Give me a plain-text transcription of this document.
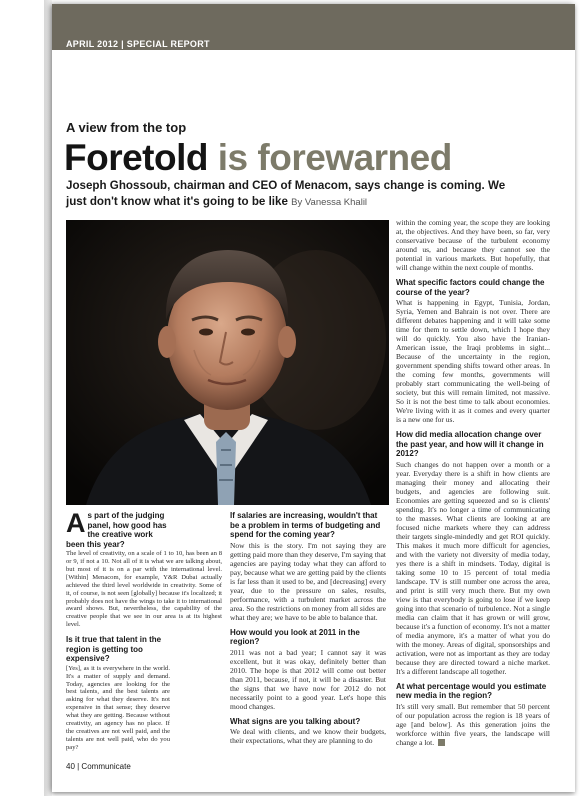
APRIL 2012 | SPECIAL REPORT
A view from the top
Foretold is forewarned
Joseph Ghossoub, chairman and CEO of Menacom, says change is coming. We just don't know what it's going to be like By Vanessa Khalil
As part of the judging panel, how good has the creative work been this year?

The level of creativity, on a scale of 1 to 10, has been an 8 or 9, if not a 10. Not all of it is what we are talking about, but most of it is on a par with the international level. [Within] Menacom, for example, Y&R Dubai actually achieved the third level worldwide in creativity. Some of it, of course, is not seen [globally] because it's localized; it probably does not have the wings to take it to international award shows. But, nevertheless, the capability of the creative people that we see in our area is at its highest level.

Is it true that talent in the region is getting too expensive?

[Yes], as it is everywhere in the world. It's a matter of supply and demand. Today, agencies are looking for the best talents, and the best talents are asking for what they deserve. It's not expensive in that sense; they deserve what they are getting. Because without creativity, an agency has no place. If the creatives are not well paid, and the talents are not well paid, who do you pay?

If salaries are increasing, wouldn't that be a problem in terms of budgeting and spend for the coming year?

Now this is the story. I'm not saying they are getting paid more than they deserve, I'm saying that agencies are paying today what they can afford to pay, because what we are getting paid by the clients is far less than it used to be, and [decreasing] every year, due to the pressure on sales, results, performance, with a turbulent market across the area. So the restrictions on money from all sides are what they are; we have to be able to balance that.

How would you look at 2011 in the region?

2011 was not a bad year; I cannot say it was excellent, but it was okay, definitely better than 2010. The hope is that 2012 will come out better than 2011, because, if not, it will be a disaster. But the signs that we have now for 2012 do not necessarily point to a good year. Let's hope this mood changes.

What signs are you talking about?

We deal with clients, and we know their budgets, their expectations, what they are planning to do

within the coming year, the scope they are looking at, the objectives. And they have been, so far, very conservative because of the turbulent economy around us, and because they cannot see the potential in various markets. But hopefully, that will change within the next couple of months.

What specific factors could change the course of the year?

What is happening in Egypt, Tunisia, Jordan, Syria, Yemen and Bahrain is not over. There are different debates happening and it will take some time for them to settle down, which I hope they will do quickly. You also have the Iranian-American issue, the Iraqi problems in sight... Because of the uncertainty in the region, government spending shifts toward other areas. In the coming few months, governments will probably start communicating the well-being of society, but this will remain limited, not massive. So it is not the best time to talk about economies. We're living with it as it comes and every quarter is a new one for us.

How did media allocation change over the past year, and how will it change in 2012?

Such changes do not happen over a month or a year. Everyday there is a shift in how clients are managing their money and allocating their budgets, and agencies are following suit. Economies are getting squeezed and so is clients' spending. It's no longer a time of communicating to the masses. What clients are looking at are focused niche markets where they can address their targets single-mindedly and get ROI quickly. This makes it much more difficult for agencies, and with the variety not diversity of media today, yes there is a shift in mindsets. Today, digital is taking some 10 to 15 percent of total media landscape. TV is still number one across the area, and print is still very much there. But my own view is that everybody is going to lose if we keep going into that scenario of turbulence. Not a single media can claim that it has grown or will grow, because it's a function of economy. It's not a matter of media anymore, it's a matter of what you do with the money. Areas of digital, sponsorships and activation, were not as important as they are today because they are directed toward a niche market. It's a different landscape all together.

At what percentage would you estimate new media in the region?

It's still very small. But remember that 50 percent of our population across the region is 18 years of age [and below]. As this generation joins the workforce within five years, the landscape will change a lot.

40 | Communicate
